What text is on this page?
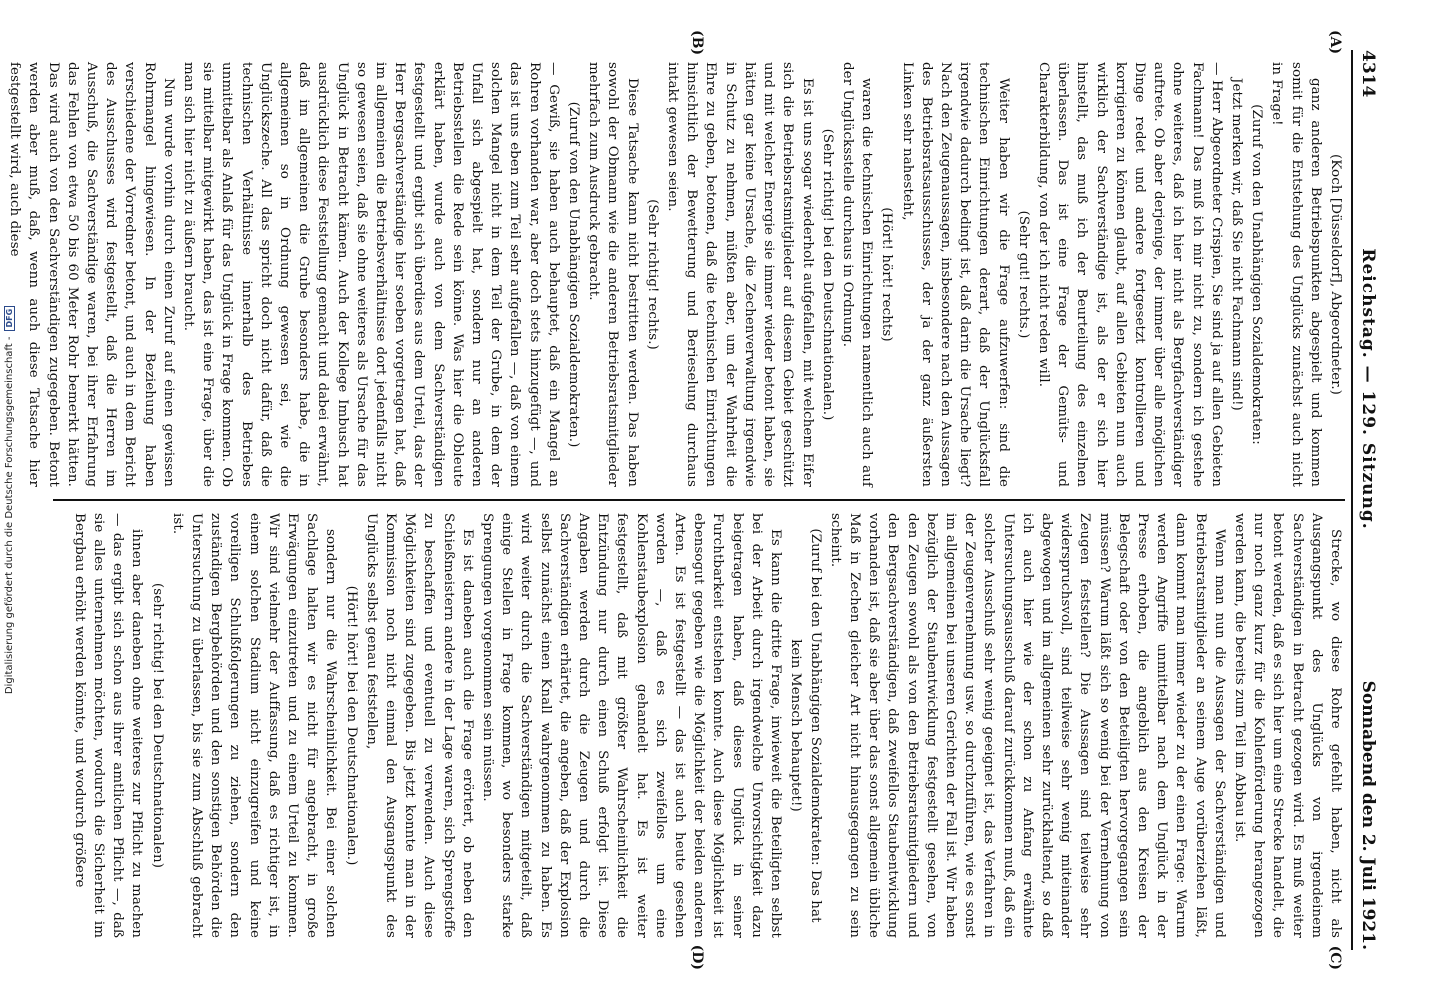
Digitalisierung gefördert durch die Deutsche Forschungsgemeinschaft -
DFG
4314
Reichstag. — 129. Sitzung.
Sonnabend den 2. Juli 1921.
(A)
(B)

(Koch [Düsseldorf], Abgeordneter.)

ganz anderen Betriebspunkten abgespielt und kommen somit für die Entstehung des Unglücks zunächst auch nicht in Frage!

(Zuruf von den Unabhängigen Sozialdemokraten:

Jetzt merken wir, daß Sie nicht Fachmann sind!)

— Herr Abgeordneter Crispien, Sie sind ja auf allen Gebieten Fachmann! Das muß ich mir nicht zu, sondern ich gestehe ohne weiteres, daß ich hier nicht als Bergfachverständiger auftrete. Ob aber derjenige, der immer über alle möglichen Dinge redet und andere fortgesetzt kontrollieren und korrigieren zu können glaubt, auf allen Gebieten nun auch wirklich der Sachverständige ist, als der er sich hier hinstellt, das muß ich der Beurteilung des einzelnen überlassen. Das ist eine Frage der Gemüts- und Charakterbildung, von der ich nicht reden will.

(Sehr gut! rechts.)

Weiter haben wir die Frage aufzuwerfen: sind die technischen Einrichtungen derart, daß der Unglücksfall irgendwie dadurch bedingt ist, daß darin die Ursache liegt? Nach den Zeugenaussagen, insbesondere nach den Aussagen des Betriebsratsausschusses, der ja der ganz äußersten Linken sehr nahesteht,

(Hört! hört! rechts)

waren die technischen Einrichtungen namentlich auch auf der Unglücksstelle durchaus in Ordnung.

(Sehr richtig! bei den Deutschnationalen.)

Es ist uns sogar wiederholt aufgefallen, mit welchem Eifer sich die Betriebsratsmitglieder auf diesem Gebiet geschützt und mit welcher Energie sie immer wieder betont haben, sie hätten gar keine Ursache, die Zechenverwaltung irgendwie in Schutz zu nehmen, müßten aber, um der Wahrheit die Ehre zu geben, betonen, daß die technischen Einrichtungen hinsichtlich der Bewetterung und Berieselung durchaus intakt gewesen seien.

(Sehr richtig! rechts.)

Diese Tatsache kann nicht bestritten werden. Das haben sowohl der Obmann wie die anderen Betriebsratsmitglieder mehrfach zum Ausdruck gebracht.

(Zuruf von den Unabhängigen Sozialdemokraten.)

— Gewiß, sie haben auch behauptet, daß ein Mangel an Rohren vorhanden war, aber doch stets hinzugefügt —, und das ist uns eben zum Teil sehr aufgefallen —, daß von einem solchen Mangel nicht in dem Teil der Grube, in dem der Unfall sich abgespielt hat, sondern nur an anderen Betriebsstellen die Rede sein könne. Was hier die Obleute erklärt haben, wurde auch von dem Sachverständigen festgestellt und ergibt sich überdies aus dem Urteil, das der Herr Bergsachverständige hier soeben vorgetragen hat, daß im allgemeinen die Betriebsverhältnisse dort jedenfalls nicht so gewesen seien, daß sie ohne weiteres als Ursache für das Unglück in Betracht kämen. Auch der Kollege Imbusch hat ausdrücklich diese Feststellung gemacht und dabei erwähnt, daß im allgemeinen die Grube besonders habe, die in allgemeinen so in Ordnung gewesen sei, wie die Unglückszeche. All das spricht doch nicht dafür, daß die technischen Verhältnisse innerhalb des Betriebes unmittelbar als Anlaß für das Unglück in Frage kommen. Ob sie mittelbar mitgewirkt haben, das ist eine Frage, über die man sich hier nicht zu äußern braucht.

Nun wurde vorhin durch einen Zuruf auf einen gewissen Rohrmangel hingewiesen. In der Beziehung haben verschiedene der Vorredner betont, und auch in dem Bericht des Ausschusses wird festgestellt, daß die Herren im Ausschuß, die Sachverständige waren, bei ihrer Erfahrung das Fehlen von etwa 50 bis 60 Meter Rohr bemerkt hätten. Das wird auch von den Sachverständigen zugegeben. Betont werden aber muß, daß, wenn auch diese Tatsache hier festgestellt wird, auch diese

(C)
(D)

Strecke, wo diese Rohre gefehlt haben, nicht als Ausgangspunkt des Unglücks von irgendeinem Sachverständigen in Betracht gezogen wird. Es muß weiter betont werden, daß es sich hier um eine Strecke handelt, die nur noch ganz kurz für die Kohlenförderung herangezogen werden kann, die bereits zum Teil im Abbau ist.

Wenn man nun die Aussagen der Sachverständigen und Betriebsratsmitglieder an seinem Auge vorüberziehen läßt, dann kommt man immer wieder zu der einen Frage: Warum werden Angriffe unmittelbar nach dem Unglück in der Presse erhoben, die angeblich aus den Kreisen der Belegschaft oder von den Beteiligten hervorgegangen sein müssen? Warum läßt sich so wenig bei der Vernehmung von Zeugen feststellen? Die Aussagen sind teilweise sehr widerspruchsvoll, sind teilweise sehr wenig miteinander abgewogen und im allgemeinen sehr zurückhaltend, so daß ich auch hier wie der schon zu Anfang erwähnte Untersuchungsausschuß darauf zurückkommen muß, daß ein solcher Ausschuß sehr wenig geeignet ist, das Verfahren in der Zeugenvernehmung usw. so durchzuführen, wie es sonst im allgemeinen bei unseren Gerichten der Fall ist. Wir haben bezüglich der Staubentwicklung festgestellt gesehen, von den Zeugen sowohl als von den Betriebsratsmitgliedern und den Bergsachverständigen, daß zweifellos Staubentwicklung vorhanden ist, daß sie aber über das sonst allgemein übliche Maß in Zechen gleicher Art nicht hinausgegangen zu sein scheint.

(Zuruf bei den Unabhängigen Sozialdemokraten: Das hat kein Mensch behauptet!)

Es kann die dritte Frage, inwieweit die Beteiligten selbst bei der Arbeit durch irgendwelche Unvorsichtigkeit dazu beigetragen haben, daß dieses Unglück in seiner Furchtbarkeit entstehen konnte. Auch diese Möglichkeit ist ebensogut gegeben wie die Möglichkeit der beiden anderen Arten. Es ist festgestellt — das ist auch heute gesehen worden —, daß es sich zweifellos um eine Kohlenstaubexplosion gehandelt hat. Es ist weiter festgestellt, daß mit größter Wahrscheinlichkeit die Entzündung nur durch einen Schuß erfolgt ist. Diese Angaben werden durch die Zeugen und durch die Sachverständigen erhärtet, die angeben, daß der Explosion selbst zunächst einen Knall wahrgenommen zu haben. Es wird weiter durch die Sachverständigen mitgeteilt, daß einige Stellen in Frage kommen, wo besonders starke Sprengungen vorgenommen sein müssen.

Es ist daneben auch die Frage erörtert, ob neben den Schießmeistern andere in der Lage waren, sich Sprengstoffe zu beschaffen und eventuell zu verwenden. Auch diese Möglichkeiten sind zugegeben. Bis jetzt konnte man in der Kommission noch nicht einmal den Ausgangspunkt des Unglücks selbst genau feststellen,

(Hört! hört! bei den Deutschnationalen.)

sondern nur die Wahrscheinlichkeit. Bei einer solchen Sachlage halten wir es nicht für angebracht, in große Erwägungen einzutreten und zu einem Urteil zu kommen. Wir sind vielmehr der Auffassung, daß es richtiger ist, in einem solchen Stadium nicht einzugreifen und keine voreiligen Schlußfolgerungen zu ziehen, sondern den zuständigen Bergbehörden und den sonstigen Behörden die Untersuchung zu überlassen, bis sie zum Abschluß gebracht ist.

(sehr richtig! bei den Deutschnationalen)

ihnen aber daneben ohne weiteres zur Pflicht zu machen — das ergibt sich schon aus ihrer amtlichen Pflicht —, daß sie alles unternehmen möchten, wodurch die Sicherheit im Bergbau erhöht werden könnte, und wodurch größere
